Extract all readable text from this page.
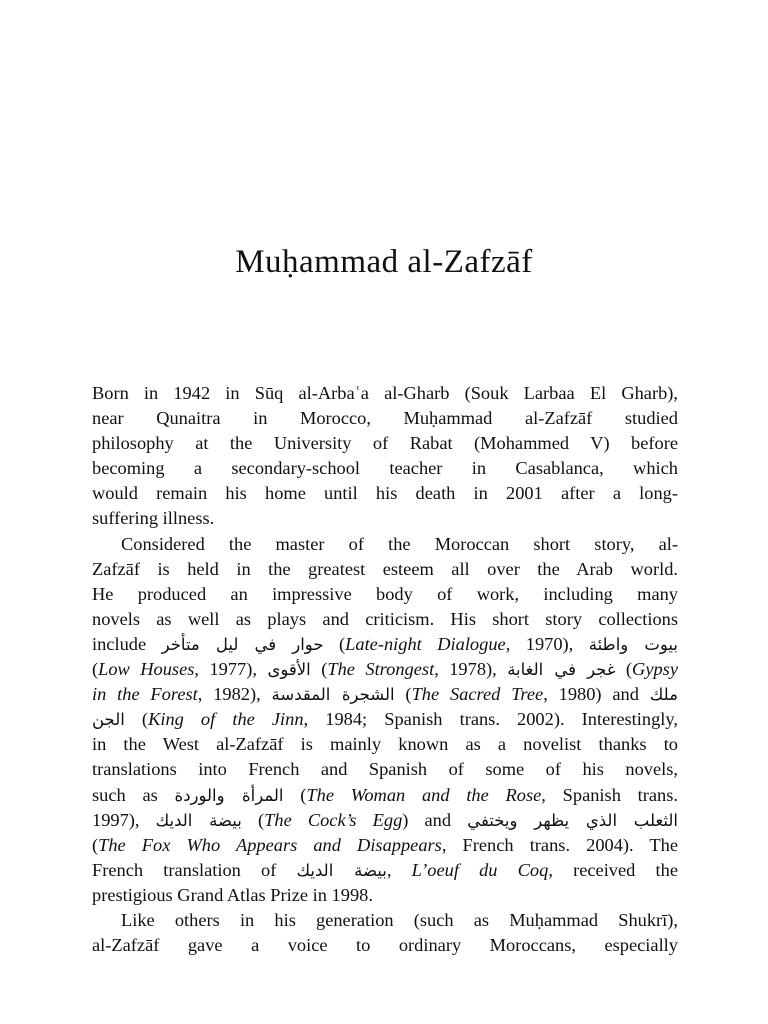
Muḥammad al-Zafzāf
Born in 1942 in Sūq al-Arbaʿa al-Gharb (Souk Larbaa El Gharb),
near Qunaitra in Morocco, Muḥammad al-Zafzāf studied
philosophy at the University of Rabat (Mohammed V) before
becoming a secondary-school teacher in Casablanca, which
would remain his home until his death in 2001 after a long-
suffering illness.
Considered the master of the Moroccan short story, al-
Zafzāf is held in the greatest esteem all over the Arab world.
He produced an impressive body of work, including many
novels as well as plays and criticism. His short story collections
include حوار في ليل متأخر (Late-night Dialogue, 1970), بيوت واطئة
(Low Houses, 1977), الأقوى (The Strongest, 1978), غجر في الغابة (Gypsy
in the Forest, 1982), الشجرة المقدسة (The Sacred Tree, 1980) and ملك
الجن (King of the Jinn, 1984; Spanish trans. 2002). Interestingly,
in the West al-Zafzāf is mainly known as a novelist thanks to
translations into French and Spanish of some of his novels,
such as المرأة والوردة (The Woman and the Rose, Spanish trans.
1997), بيضة الديك (The Cock’s Egg) and الثعلب الذي يظهر ويختفي
(The Fox Who Appears and Disappears, French trans. 2004). The
French translation of بيضة الديك, L’oeuf du Coq, received the
prestigious Grand Atlas Prize in 1998.
Like others in his generation (such as Muḥammad Shukrī),
al-Zafzāf gave a voice to ordinary Moroccans, especially
